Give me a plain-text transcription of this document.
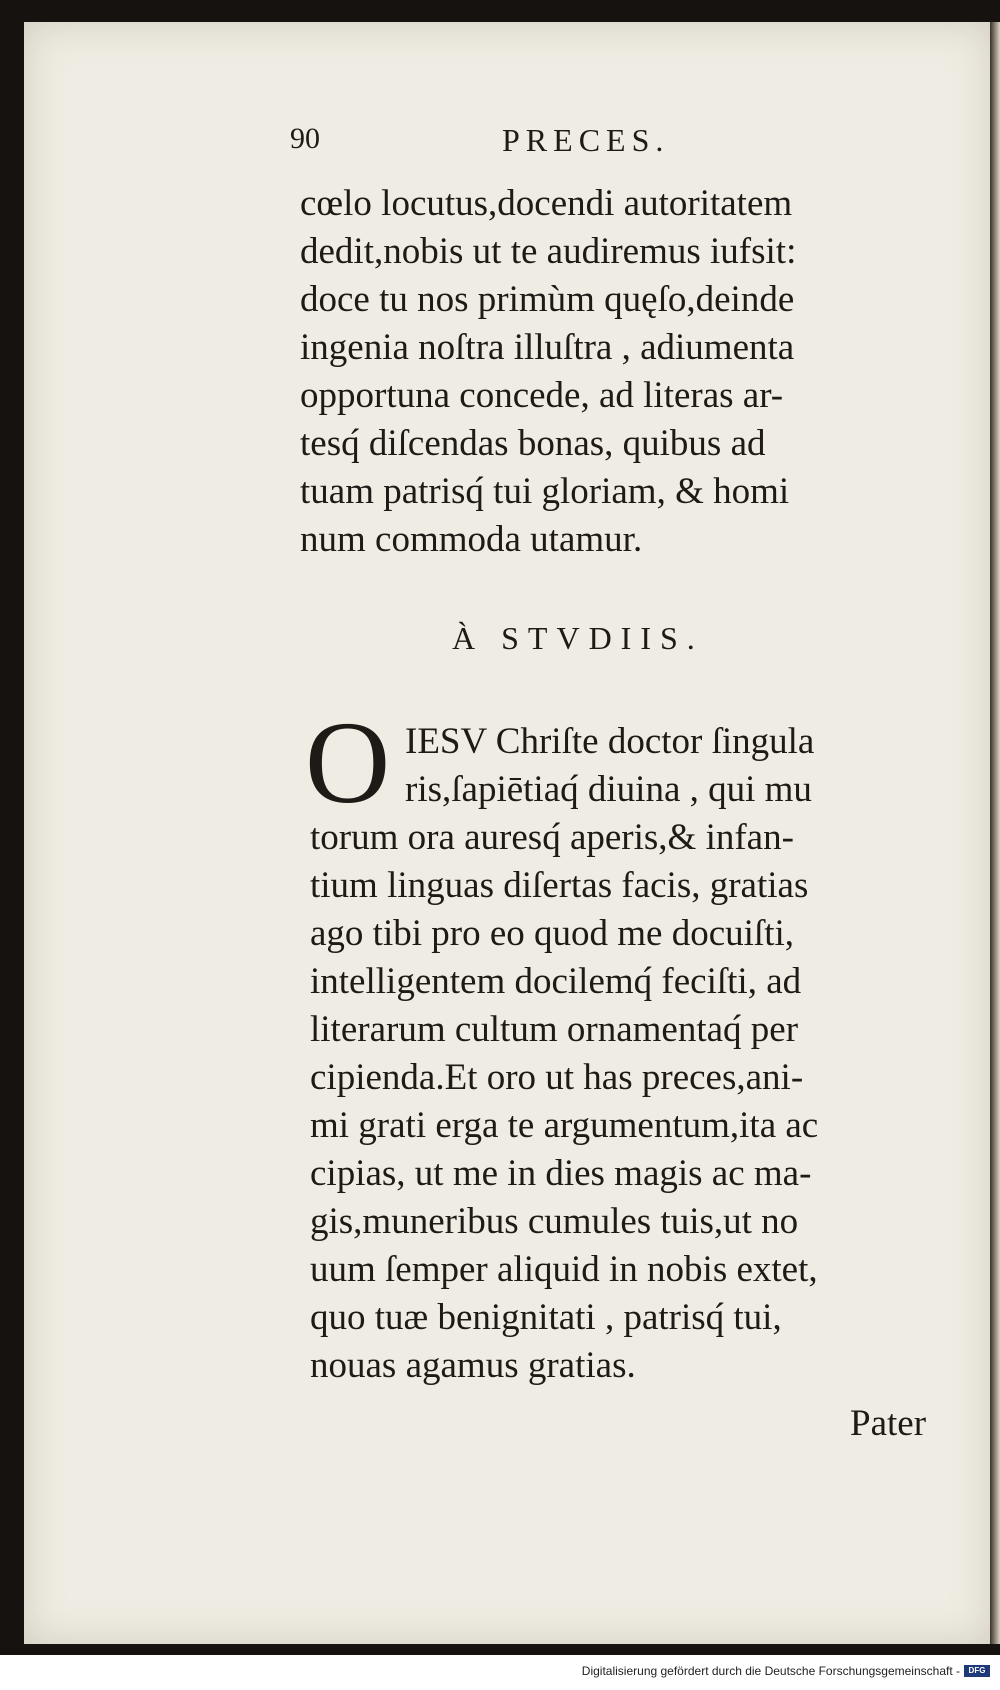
90	PRECES.
cœlo locutus,docendi autoritatem
dedit,nobis ut te audiremus iufsit:
doce tu nos primùm quęſo,deinde
ingenia noſtra illuſtra , adiumenta
opportuna concede, ad literas ar-
tesq́ diſcendas bonas, quibus ad
tuam patrisq́ tui gloriam, & homi
num commoda utamur.
À STVDIIS.
O IESV Chriſte doctor ſingula
ris,ſapiētiaq́ diuina , qui mu
torum ora auresq́ aperis,& infan-
tium linguas diſertas facis, gratias
ago tibi pro eo quod me docuiſti,
intelligentem docilemq́ feciſti, ad
literarum cultum ornamentaq́ per
cipienda.Et oro ut has preces,ani-
mi grati erga te argumentum,ita ac
cipias, ut me in dies magis ac ma-
gis,muneribus cumules tuis,ut no
uum ſemper aliquid in nobis extet,
quo tuæ benignitati , patrisq́ tui,
nouas agamus gratias.
Pater
Digitalisierung gefördert durch die Deutsche Forschungsgemeinschaft -	DFG
